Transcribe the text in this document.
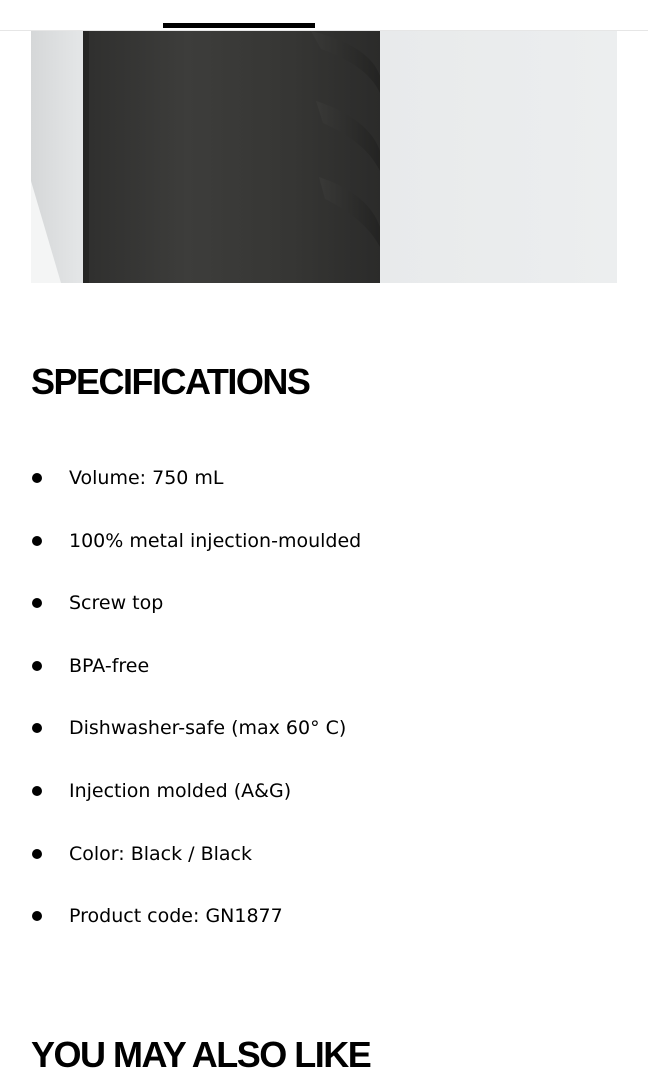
SPECIFICATIONS
Volume: 750 mL
100% metal injection-moulded
Screw top
BPA-free
Dishwasher-safe (max 60° C)
Injection molded (A&G)
Color: Black / Black
Product code: GN1877
YOU MAY ALSO LIKE
